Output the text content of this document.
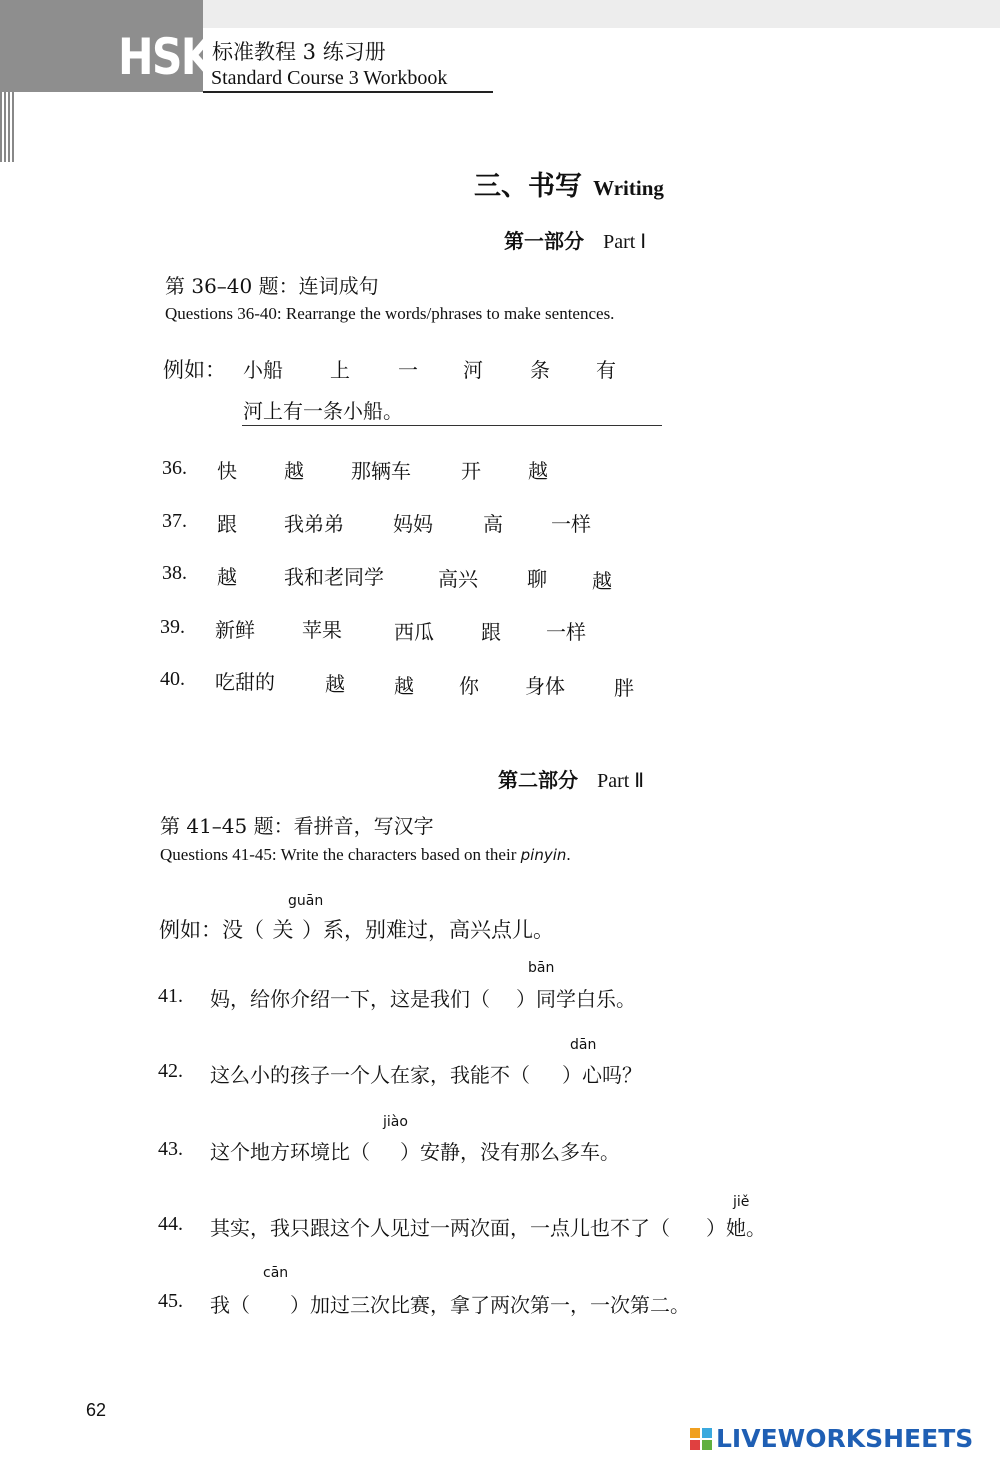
HSK 标准教程 3 练习册
Standard Course 3 Workbook
三、书写 Writing
第一部分 Part Ⅰ
第 36–40 题：连词成句
Questions 36-40: Rearrange the words/phrases to make sentences.
例如： 小船 上 一 河 条 有
河上有一条小船。
36. 快 越 那辆车	开 越
37. 跟 我弟弟 妈妈	高 一样
38. 越 我和老同学	高兴 聊 越
39. 新鲜 苹果	西瓜 跟 一样
40. 吃甜的	越 越 你 身体 胖
第二部分 Part Ⅱ
第 41–45 题：看拼音，写汉字
Questions 41-45: Write the characters based on their pinyin.
guān
例如：没（ 关 ）系，别难过，高兴点儿。
bān
41. 妈，给你介绍一下，这是我们（ ）同学白乐。
dān
42. 这么小的孩子一个人在家，我能不（ ）心吗？
jiào
43. 这个地方环境比（ ）安静，没有那么多车。
jiě
44. 其实，我只跟这个人见过一两次面，一点儿也不了（ ）她。
cān
45. 我（ ）加过三次比赛，拿了两次第一，一次第二。
62
LIVEWORKSHEETS
